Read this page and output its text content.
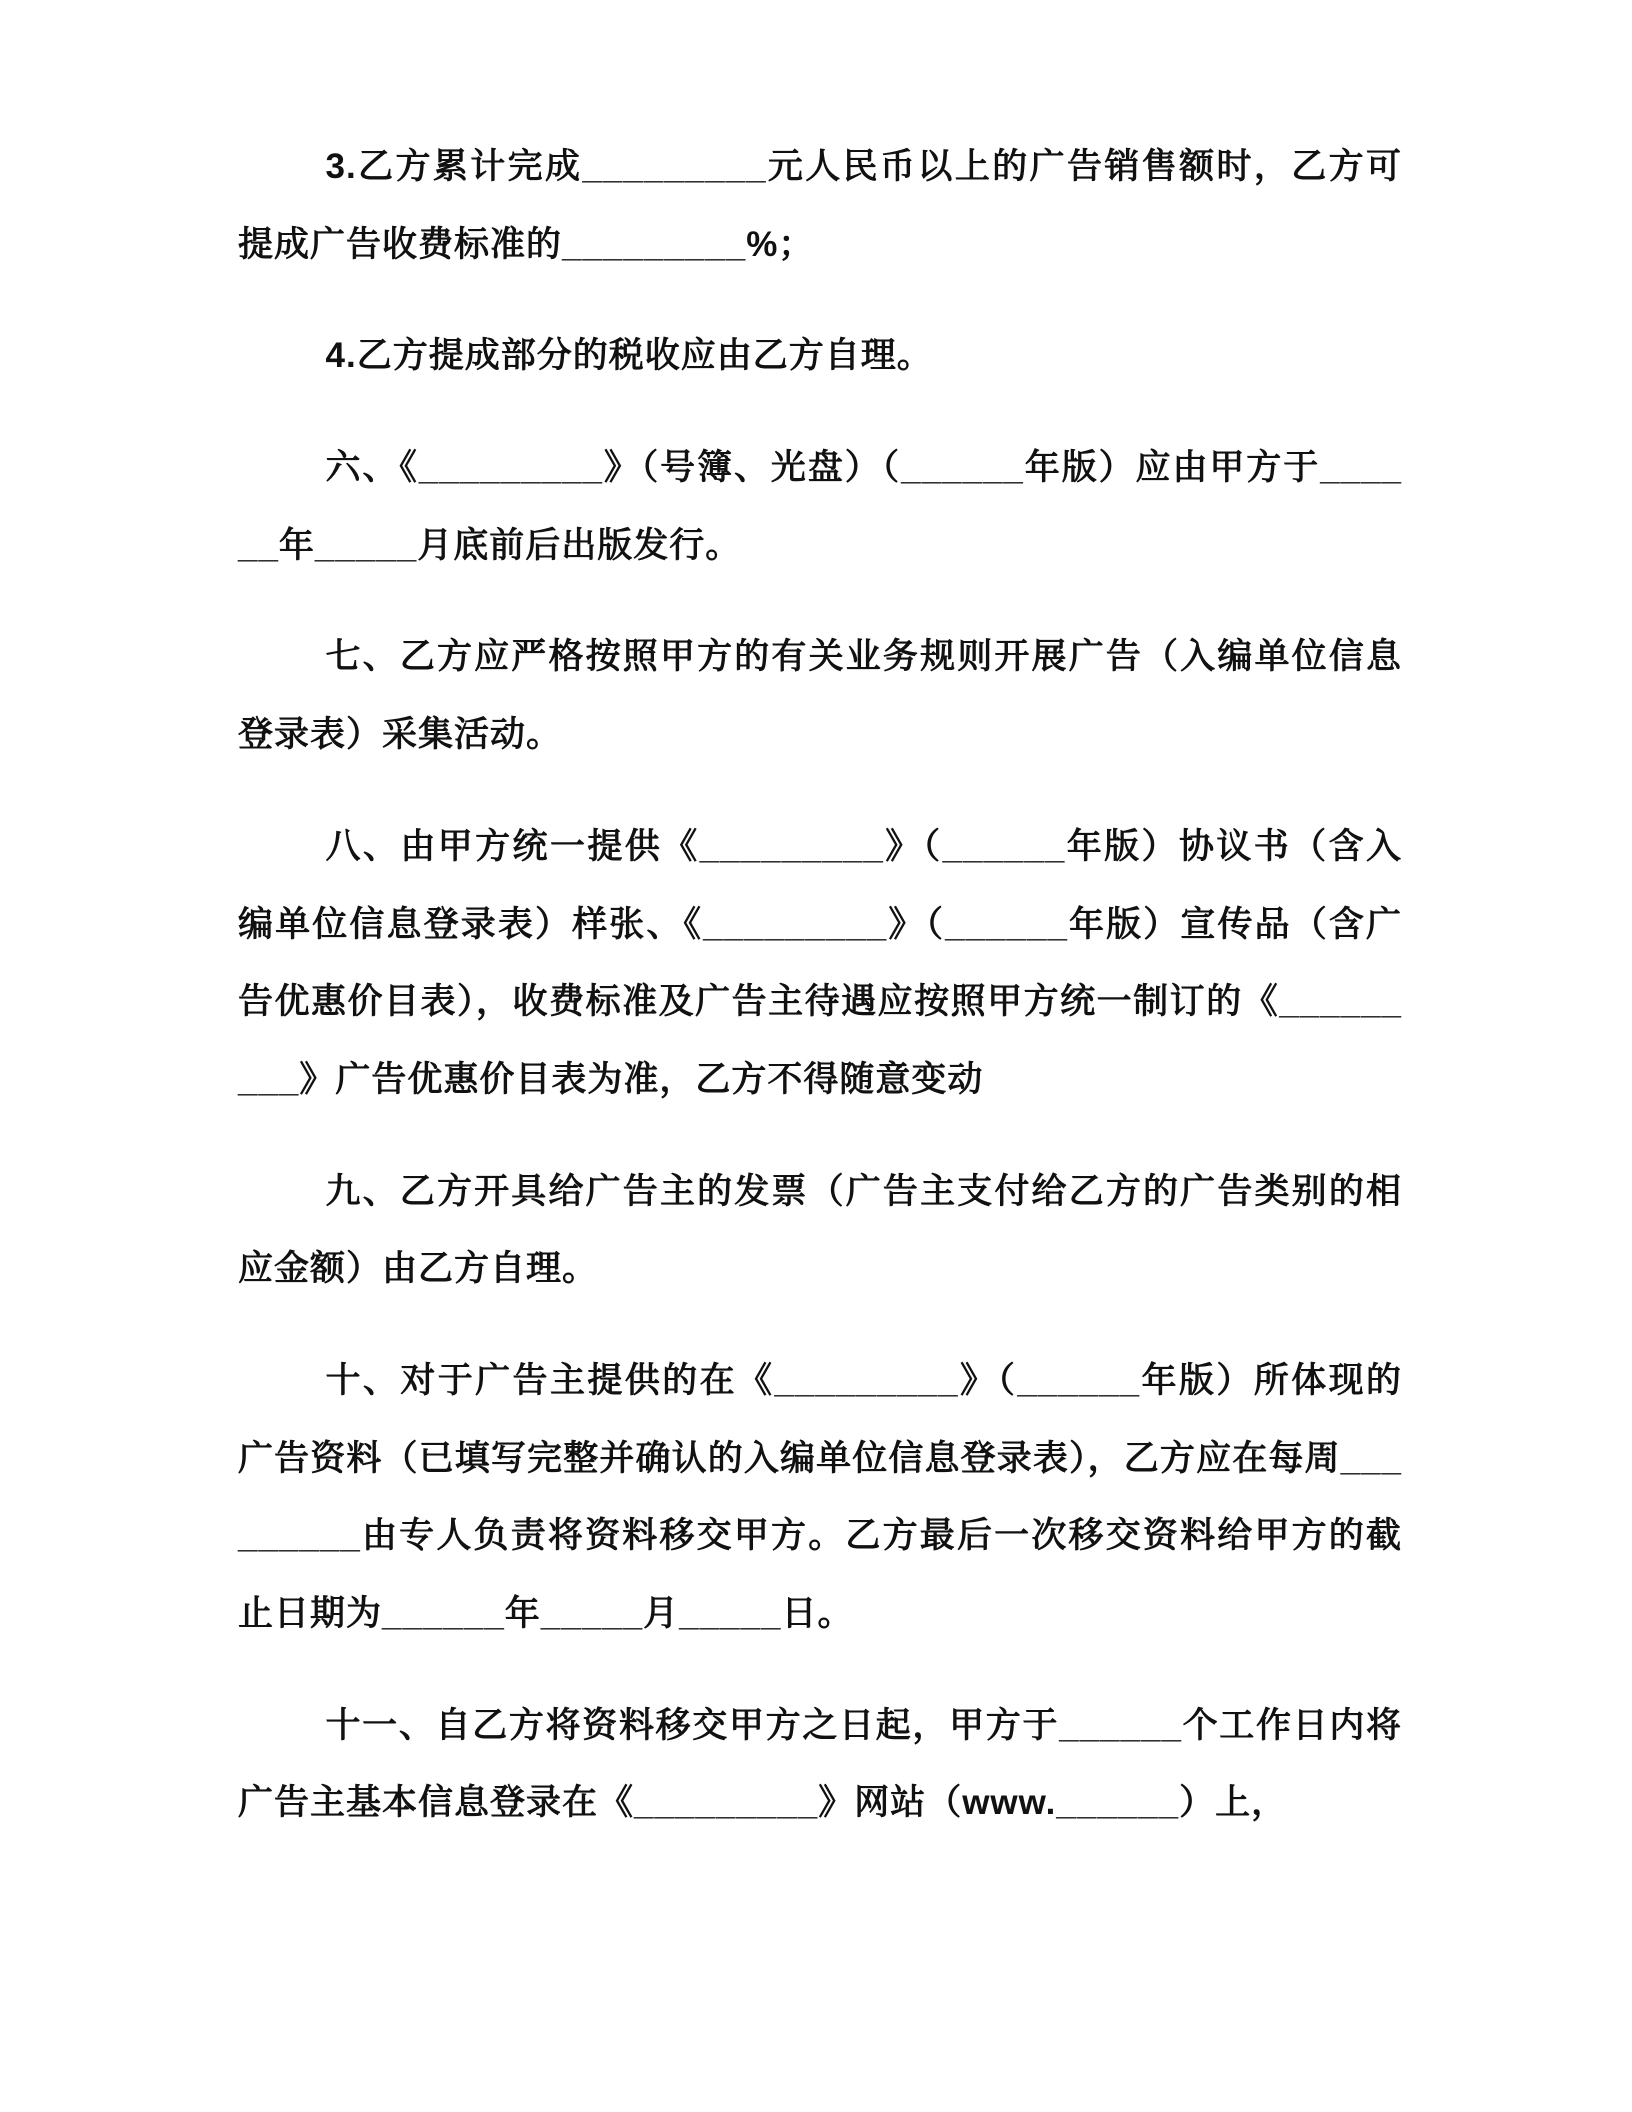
3.乙方累计完成_________元人民币以上的广告销售额时，乙方可提成广告收费标准的_________%；

4.乙方提成部分的税收应由乙方自理。

六、《_________》（号簿、光盘）（______年版）应由甲方于______年_____月底前后出版发行。

七、乙方应严格按照甲方的有关业务规则开展广告（入编单位信息登录表）采集活动。

八、由甲方统一提供《_________》（______年版）协议书（含入编单位信息登录表）样张、《_________》（______年版）宣传品（含广告优惠价目表），收费标准及广告主待遇应按照甲方统一制订的《_________》广告优惠价目表为准，乙方不得随意变动

九、乙方开具给广告主的发票（广告主支付给乙方的广告类别的相应金额）由乙方自理。

十、对于广告主提供的在《_________》（______年版）所体现的广告资料（已填写完整并确认的入编单位信息登录表），乙方应在每周_________由专人负责将资料移交甲方。乙方最后一次移交资料给甲方的截止日期为______年_____月_____日。

十一、自乙方将资料移交甲方之日起，甲方于______个工作日内将广告主基本信息登录在《_________》网站（www.______）上，
